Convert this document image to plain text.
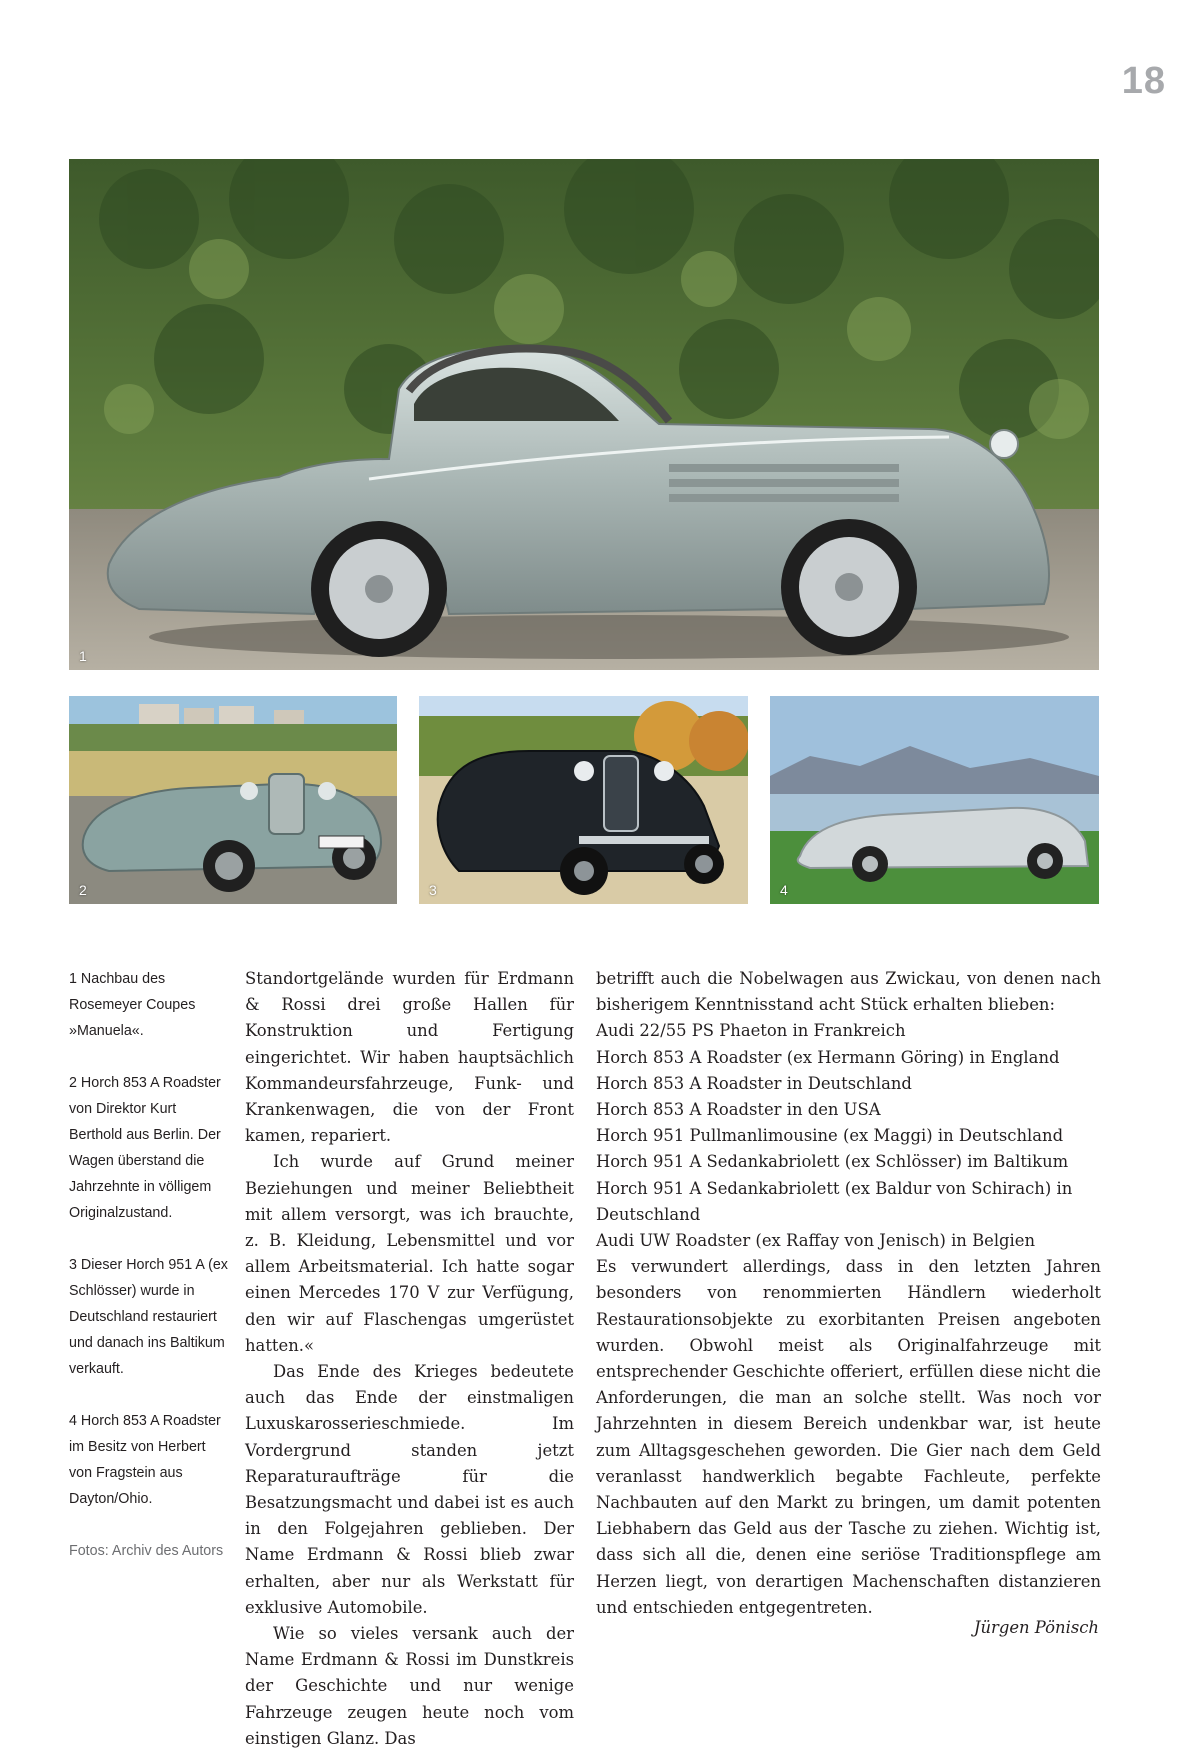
18
1
2	3	4

1 Nachbau des Rosemeyer Coupes »Manuela«.

2 Horch 853 A Roadster von Direktor Kurt Berthold aus Berlin. Der Wagen überstand die Jahrzehnte in völligem Originalzustand.

3 Dieser Horch 951 A (ex Schlösser) wurde in Deutschland restauriert und danach ins Baltikum verkauft.

4 Horch 853 A Roadster im Besitz von Herbert von Fragstein aus Dayton/Ohio.

Fotos: Archiv des Autors

Standortgelände wurden für Erdmann & Rossi drei große Hallen für Konstruktion und Fertigung eingerichtet. Wir haben hauptsächlich Kommandeursfahrzeuge, Funk- und Krankenwagen, die von der Front kamen, repariert.

Ich wurde auf Grund meiner Beziehungen und meiner Beliebtheit mit allem versorgt, was ich brauchte, z. B. Kleidung, Lebensmittel und vor allem Arbeitsmaterial. Ich hatte sogar einen Mercedes 170 V zur Verfügung, den wir auf Flaschengas umgerüstet hatten.«

Das Ende des Krieges bedeutete auch das Ende der einstmaligen Luxuskarosserieschmiede. Im Vordergrund standen jetzt Reparaturaufträge für die Besatzungsmacht und dabei ist es auch in den Folgejahren geblieben. Der Name Erdmann & Rossi blieb zwar erhalten, aber nur als Werkstatt für exklusive Automobile.

Wie so vieles versank auch der Name Erdmann & Rossi im Dunstkreis der Geschichte und nur wenige Fahrzeuge zeugen heute noch vom einstigen Glanz. Das

betrifft auch die Nobelwagen aus Zwickau, von denen nach bisherigem Kenntnisstand acht Stück erhalten blieben:

Audi 22/55 PS Phaeton in Frankreich
Horch 853 A Roadster (ex Hermann Göring) in England
Horch 853 A Roadster in Deutschland
Horch 853 A Roadster in den USA
Horch 951 Pullmanlimousine (ex Maggi) in Deutschland
Horch 951 A Sedankabriolett (ex Schlösser) im Baltikum
Horch 951 A Sedankabriolett (ex Baldur von Schirach) in Deutschland
Audi UW Roadster (ex Raffay von Jenisch) in Belgien

Es verwundert allerdings, dass in den letzten Jahren besonders von renommierten Händlern wiederholt Restaurationsobjekte zu exorbitanten Preisen angeboten wurden. Obwohl meist als Originalfahrzeuge mit entsprechender Geschichte offeriert, erfüllen diese nicht die Anforderungen, die man an solche stellt. Was noch vor Jahrzehnten in diesem Bereich undenkbar war, ist heute zum Alltagsgeschehen geworden. Die Gier nach dem Geld veranlasst handwerklich begabte Fachleute, perfekte Nachbauten auf den Markt zu bringen, um damit potenten Liebhabern das Geld aus der Tasche zu ziehen. Wichtig ist, dass sich all die, denen eine seriöse Traditionspflege am Herzen liegt, von derartigen Machenschaften distanzieren und entschieden entgegentreten.

Jürgen Pönisch
